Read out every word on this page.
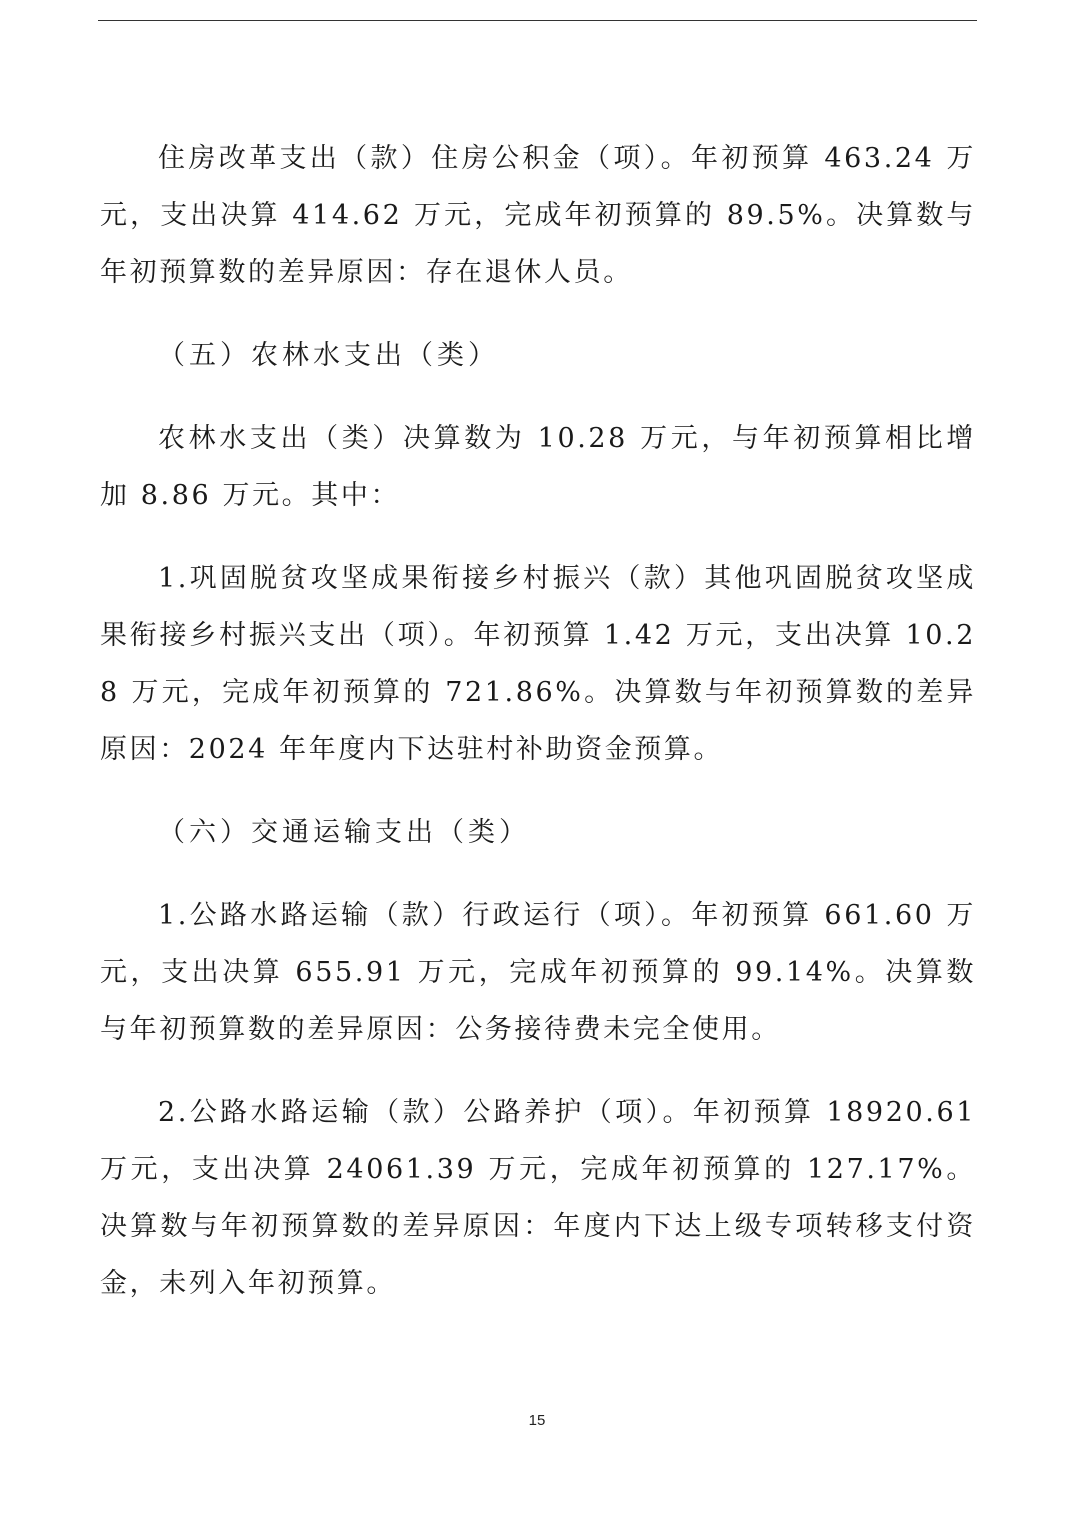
住房改革支出（款）住房公积金（项）。年初预算 463.24 万元，支出决算 414.62 万元，完成年初预算的 89.5%。决算数与年初预算数的差异原因：存在退休人员。

（五）农林水支出（类）

农林水支出（类）决算数为 10.28 万元，与年初预算相比增加 8.86 万元。其中：

1.巩固脱贫攻坚成果衔接乡村振兴（款）其他巩固脱贫攻坚成果衔接乡村振兴支出（项）。年初预算 1.42 万元，支出决算 10.28 万元，完成年初预算的 721.86%。决算数与年初预算数的差异原因：2024 年年度内下达驻村补助资金预算。

（六）交通运输支出（类）

1.公路水路运输（款）行政运行（项）。年初预算 661.60 万元，支出决算 655.91 万元，完成年初预算的 99.14%。决算数与年初预算数的差异原因：公务接待费未完全使用。

2.公路水路运输（款）公路养护（项）。年初预算 18920.61 万元，支出决算 24061.39 万元，完成年初预算的 127.17%。决算数与年初预算数的差异原因：年度内下达上级专项转移支付资金，未列入年初预算。

15
